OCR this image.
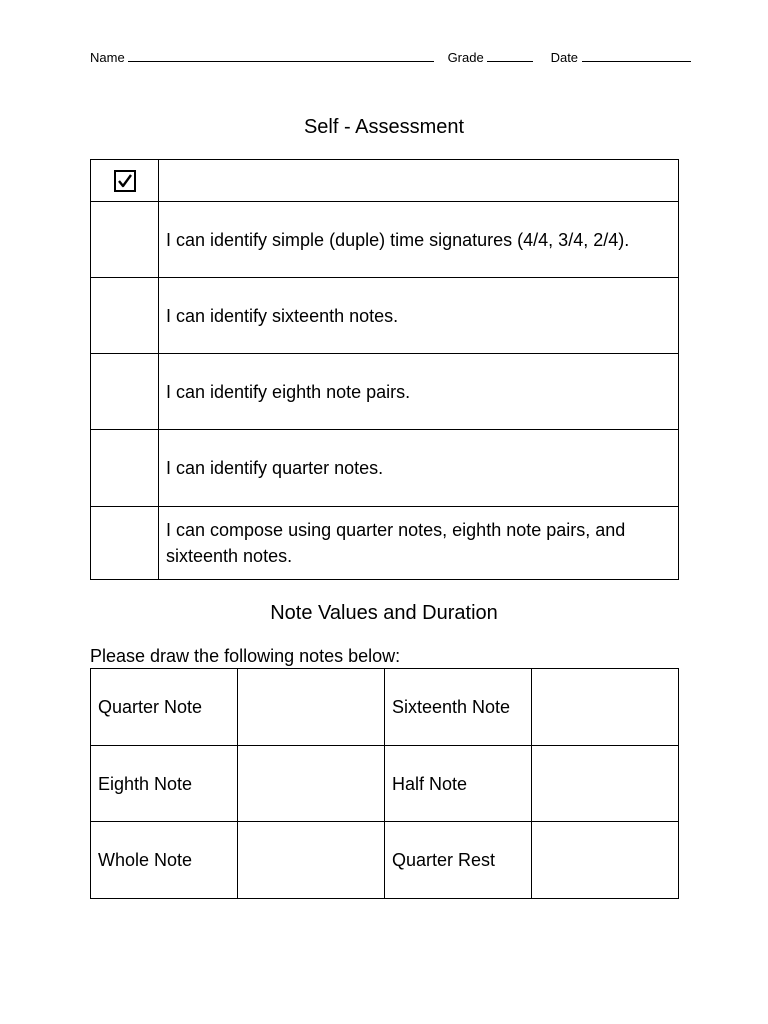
Name	Grade	Date
Self - Assessment

	I can identify simple (duple) time signatures (4/4, 3/4, 2/4).
	I can identify sixteenth notes.
	I can identify eighth note pairs.
	I can identify quarter notes.
	I can compose using quarter notes, eighth note pairs, and sixteenth notes.
Note Values and Duration
Please draw the following notes below:
Quarter Note		Sixteenth Note	
Eighth Note		Half Note	
Whole Note		Quarter Rest	
